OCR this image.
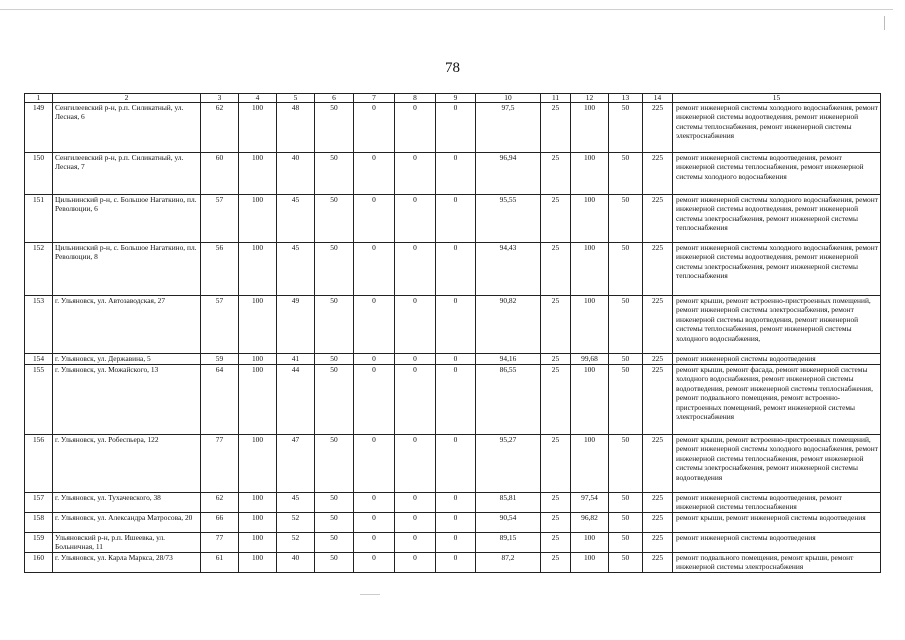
78
1	2	3	4	5	6	7	8	9	10	11	12	13	14	15
149	Сенгилеевский р-н, р.п. Силикатный, ул. Лесная, 6	62	100	48	50	0	0	0	97,5	25	100	50	225	ремонт инженерной системы холодного водоснабжения, ремонт инженерной системы водоотведения, ремонт инженерной системы теплоснабжения, ремонт инженерной системы электроснабжения
150	Сенгилеевский р-н, р.п. Силикатный, ул. Лесная, 7	60	100	40	50	0	0	0	96,94	25	100	50	225	ремонт инженерной системы водоотведения, ремонт инженерной системы теплоснабжения, ремонт инженерной системы холодного водоснабжения
151	Цильнинский р-н, с. Большое Нагаткино, пл. Революции, 6	57	100	45	50	0	0	0	95,55	25	100	50	225	ремонт инженерной системы холодного водоснабжения, ремонт инженерной системы водоотведения, ремонт инженерной системы электроснабжения, ремонт инженерной системы теплоснабжения
152	Цильнинский р-н, с. Большое Нагаткино, пл. Революции, 8	56	100	45	50	0	0	0	94,43	25	100	50	225	ремонт инженерной системы холодного водоснабжения, ремонт инженерной системы водоотведения, ремонт инженерной системы электроснабжения, ремонт инженерной системы теплоснабжения
153	г. Ульяновск, ул. Автозаводская, 27	57	100	49	50	0	0	0	90,82	25	100	50	225	ремонт крыши, ремонт встроенно-пристроенных помещений, ремонт инженерной системы электроснабжения, ремонт инженерной системы водоотведения, ремонт инженерной системы теплоснабжения, ремонт инженерной системы холодного водоснабжения,
154	г. Ульяновск, ул. Державина, 5	59	100	41	50	0	0	0	94,16	25	99,68	50	225	ремонт инженерной системы водоотведения
155	г. Ульяновск, ул. Можайского, 13	64	100	44	50	0	0	0	86,55	25	100	50	225	ремонт крыши, ремонт фасада, ремонт инженерной системы холодного водоснабжения, ремонт инженерной системы водоотведения, ремонт инженерной системы теплоснабжения, ремонт подвального помещения, ремонт встроенно-пристроенных помещений, ремонт инженерной системы электроснабжения
156	г. Ульяновск, ул. Робеспьера, 122	77	100	47	50	0	0	0	95,27	25	100	50	225	ремонт крыши, ремонт встроенно-пристроенных помещений, ремонт инженерной системы холодного водоснабжения, ремонт инженерной системы теплоснабжения, ремонт инженерной системы электроснабжения, ремонт инженерной системы водоотведения
157	г. Ульяновск, ул. Тухачевского, 38	62	100	45	50	0	0	0	85,81	25	97,54	50	225	ремонт инженерной системы водоотведения, ремонт инженерной системы теплоснабжения
158	г. Ульяновск, ул. Александра Матросова, 20	66	100	52	50	0	0	0	90,54	25	96,82	50	225	ремонт крыши, ремонт инженерной системы водоотведения
159	Ульяновский р-н, р.п. Ишеевка, ул. Больничная, 11	77	100	52	50	0	0	0	89,15	25	100	50	225	ремонт инженерной системы водоотведения
160	г. Ульяновск, ул. Карла Маркса, 28/73	61	100	40	50	0	0	0	87,2	25	100	50	225	ремонт подвального помещения, ремонт крыши, ремонт инженерной системы электроснабжения
